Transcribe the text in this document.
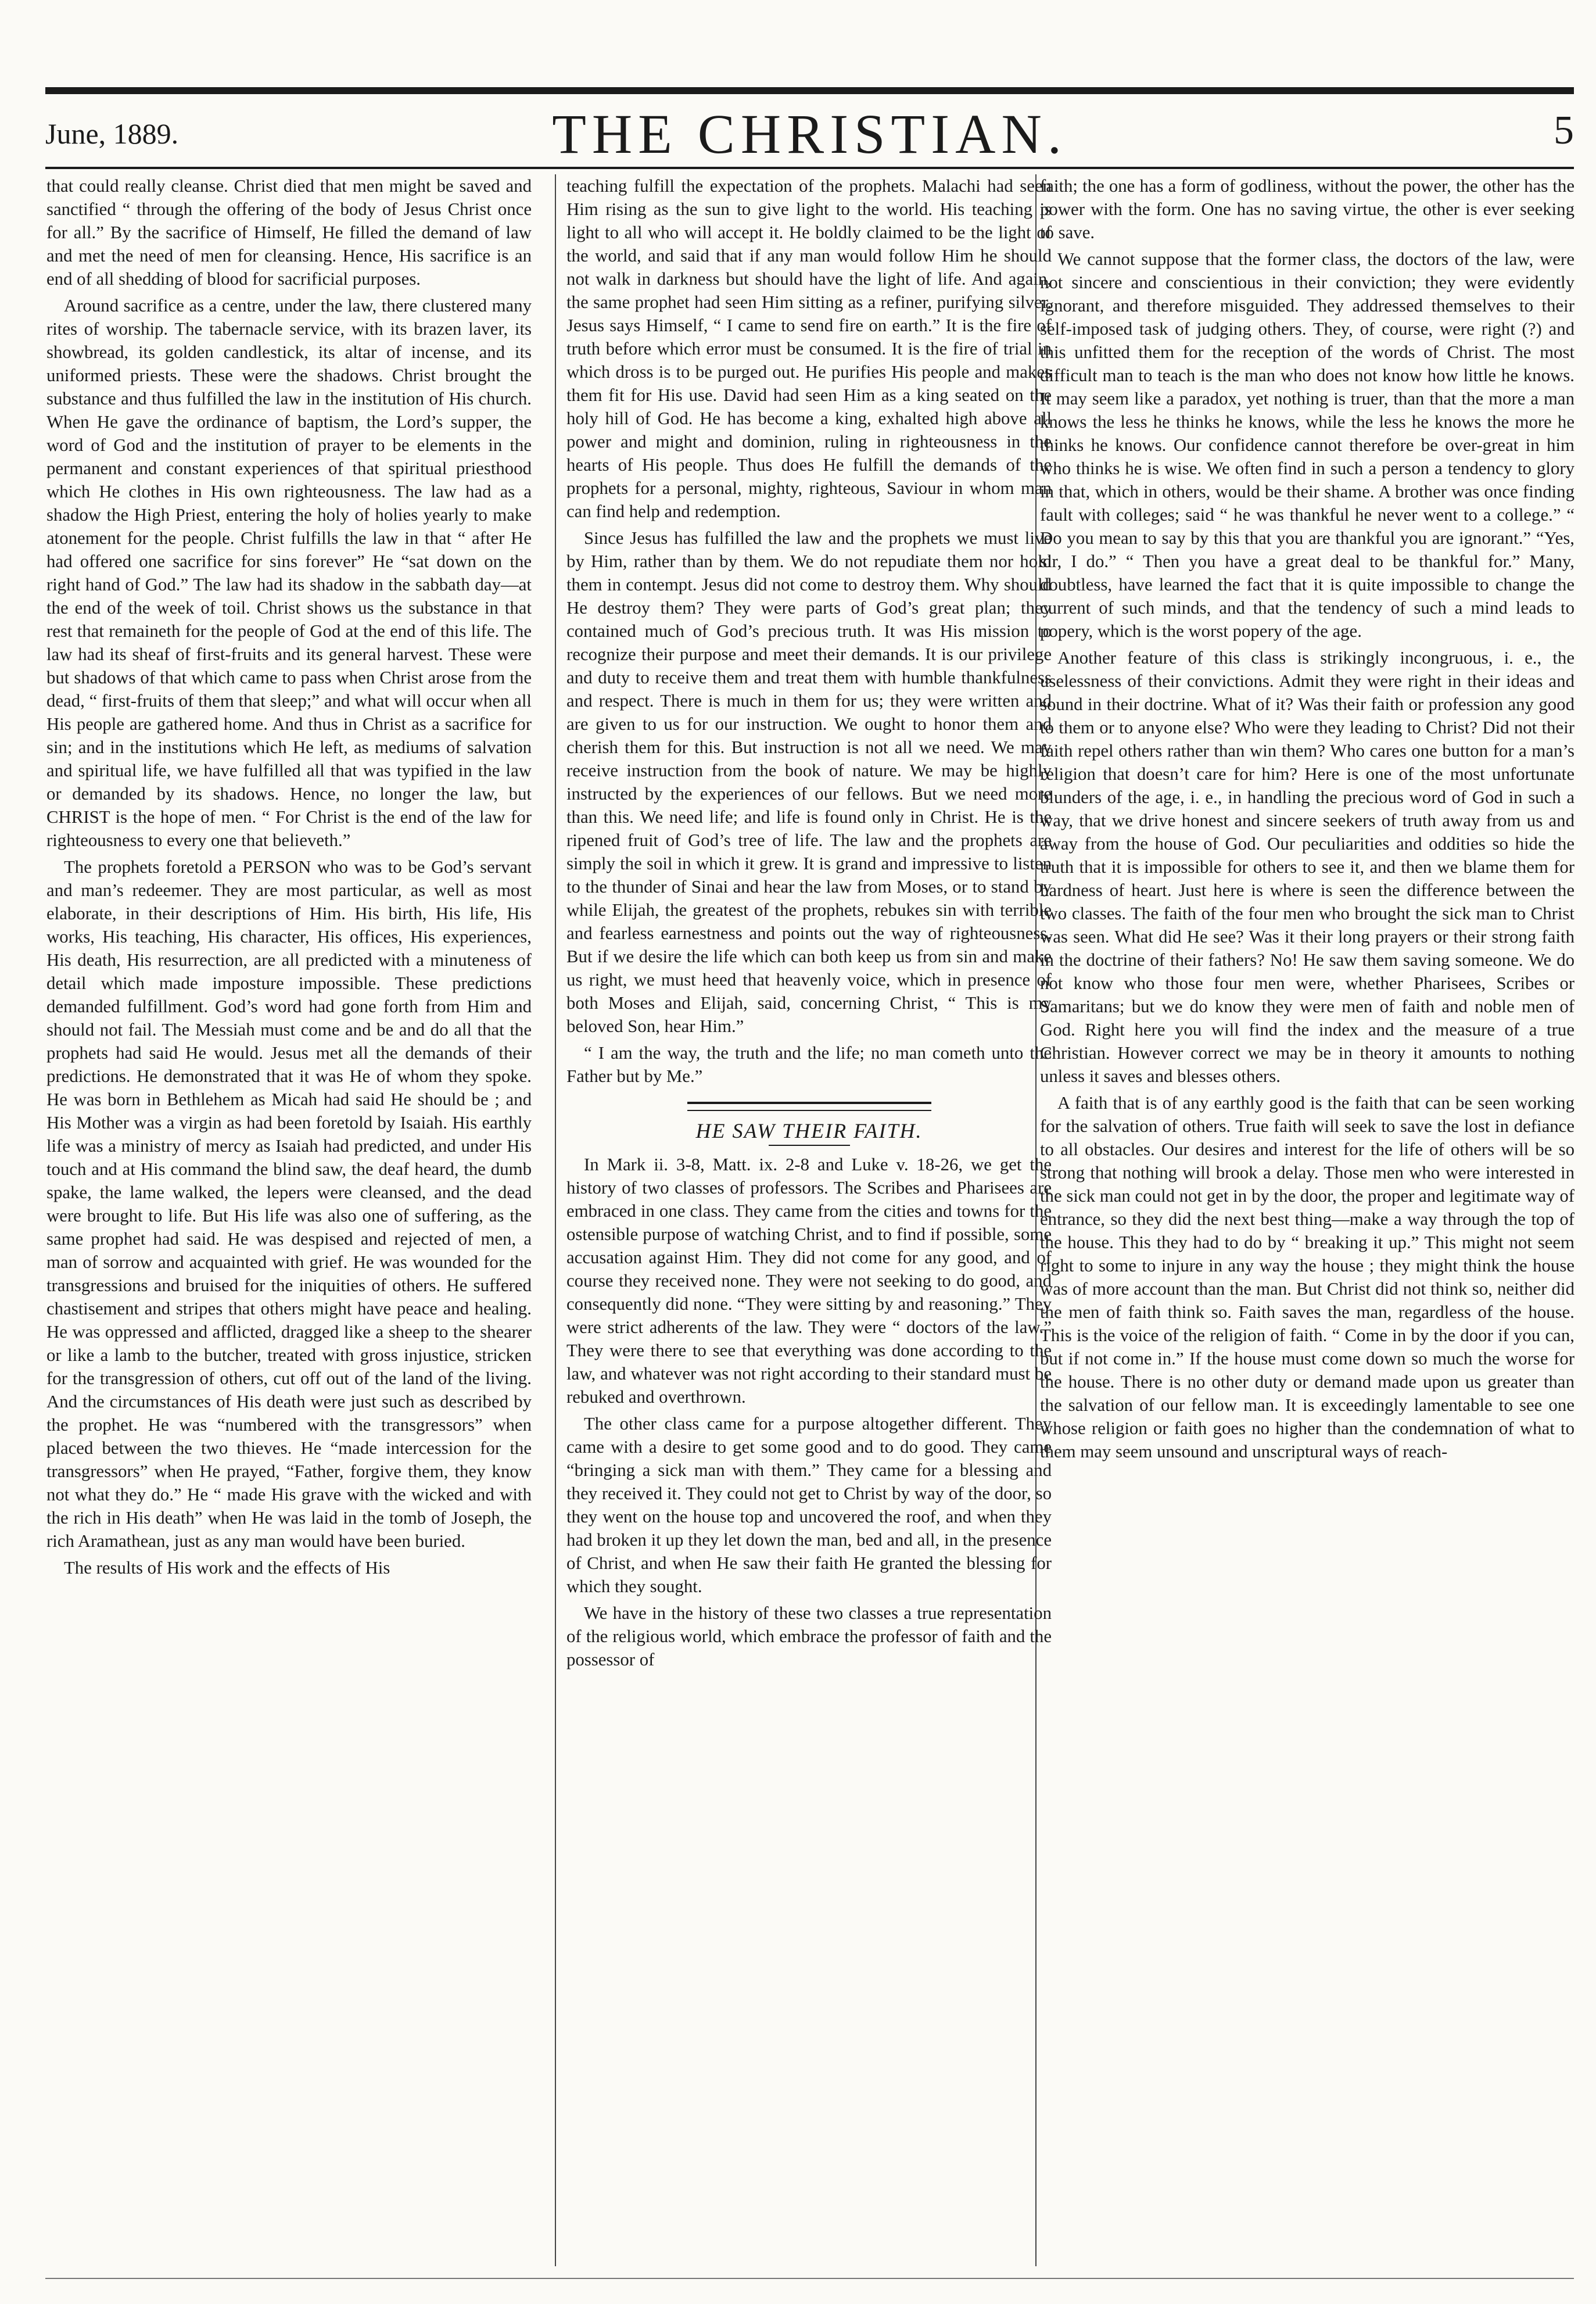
June, 1889.	THE CHRISTIAN.	5

that could really cleanse. Christ died that men might be saved and sanctified “ through the offering of the body of Jesus Christ once for all.” By the sacrifice of Himself, He filled the demand of law and met the need of men for cleansing. Hence, His sacrifice is an end of all shedding of blood for sacrificial purposes.

Around sacrifice as a centre, under the law, there clustered many rites of worship. The tabernacle service, with its brazen laver, its showbread, its golden candlestick, its altar of incense, and its uniformed priests. These were the shadows. Christ brought the substance and thus fulfilled the law in the institution of His church. When He gave the ordinance of baptism, the Lord’s supper, the word of God and the institution of prayer to be elements in the permanent and constant experiences of that spiritual priesthood which He clothes in His own righteousness. The law had as a shadow the High Priest, entering the holy of holies yearly to make atonement for the people. Christ fulfills the law in that “ after He had offered one sacrifice for sins forever” He “sat down on the right hand of God.” The law had its shadow in the sabbath day—at the end of the week of toil. Christ shows us the substance in that rest that remaineth for the people of God at the end of this life. The law had its sheaf of first-fruits and its general harvest. These were but shadows of that which came to pass when Christ arose from the dead, “ first-fruits of them that sleep;” and what will occur when all His people are gathered home. And thus in Christ as a sacrifice for sin; and in the institutions which He left, as mediums of salvation and spiritual life, we have fulfilled all that was typified in the law or demanded by its shadows. Hence, no longer the law, but CHRIST is the hope of men. “ For Christ is the end of the law for righteousness to every one that believeth.”

The prophets foretold a PERSON who was to be God’s servant and man’s redeemer. They are most particular, as well as most elaborate, in their descriptions of Him. His birth, His life, His works, His teaching, His character, His offices, His experiences, His death, His resurrection, are all predicted with a minuteness of detail which made imposture impossible. These predictions demanded fulfillment. God’s word had gone forth from Him and should not fail. The Messiah must come and be and do all that the prophets had said He would. Jesus met all the demands of their predictions. He demonstrated that it was He of whom they spoke. He was born in Bethlehem as Micah had said He should be ; and His Mother was a virgin as had been foretold by Isaiah. His earthly life was a ministry of mercy as Isaiah had predicted, and under His touch and at His command the blind saw, the deaf heard, the dumb spake, the lame walked, the lepers were cleansed, and the dead were brought to life. But His life was also one of suffering, as the same prophet had said. He was despised and rejected of men, a man of sorrow and acquainted with grief. He was wounded for the transgressions and bruised for the iniquities of others. He suffered chastisement and stripes that others might have peace and healing. He was oppressed and afflicted, dragged like a sheep to the shearer or like a lamb to the butcher, treated with gross injustice, stricken for the transgression of others, cut off out of the land of the living. And the circumstances of His death were just such as described by the prophet. He was “numbered with the transgressors” when placed between the two thieves. He “made intercession for the transgressors” when He prayed, “Father, forgive them, they know not what they do.” He “ made His grave with the wicked and with the rich in His death” when He was laid in the tomb of Joseph, the rich Aramathean, just as any man would have been buried.

The results of His work and the effects of His

teaching fulfill the expectation of the prophets. Malachi had seen Him rising as the sun to give light to the world. His teaching is light to all who will accept it. He boldly claimed to be the light of the world, and said that if any man would follow Him he should not walk in darkness but should have the light of life. And again, the same prophet had seen Him sitting as a refiner, purifying silver. Jesus says Himself, “ I came to send fire on earth.” It is the fire of truth before which error must be consumed. It is the fire of trial in which dross is to be purged out. He purifies His people and makes them fit for His use. David had seen Him as a king seated on the holy hill of God. He has become a king, exhalted high above all power and might and dominion, ruling in righteousness in the hearts of His people. Thus does He fulfill the demands of the prophets for a personal, mighty, righteous, Saviour in whom man can find help and redemption.

Since Jesus has fulfilled the law and the prophets we must live by Him, rather than by them. We do not repudiate them nor hold them in contempt. Jesus did not come to destroy them. Why should He destroy them? They were parts of God’s great plan; they contained much of God’s precious truth. It was His mission to recognize their purpose and meet their demands. It is our privilege and duty to receive them and treat them with humble thankfulness and respect. There is much in them for us; they were written and are given to us for our instruction. We ought to honor them and cherish them for this. But instruction is not all we need. We may receive instruction from the book of nature. We may be highly instructed by the experiences of our fellows. But we need more than this. We need life; and life is found only in Christ. He is the ripened fruit of God’s tree of life. The law and the prophets are simply the soil in which it grew. It is grand and impressive to listen to the thunder of Sinai and hear the law from Moses, or to stand by while Elijah, the greatest of the prophets, rebukes sin with terrible and fearless earnestness and points out the way of righteousness. But if we desire the life which can both keep us from sin and make us right, we must heed that heavenly voice, which in presence of both Moses and Elijah, said, concerning Christ, “ This is my beloved Son, hear Him.”

“ I am the way, the truth and the life; no man cometh unto the Father but by Me.”

HE SAW THEIR FAITH.

In Mark ii. 3-8, Matt. ix. 2-8 and Luke v. 18-26, we get the history of two classes of professors. The Scribes and Pharisees are embraced in one class. They came from the cities and towns for the ostensible purpose of watching Christ, and to find if possible, some accusation against Him. They did not come for any good, and of course they received none. They were not seeking to do good, and consequently did none. “They were sitting by and reasoning.” They were strict adherents of the law. They were “ doctors of the law.” They were there to see that everything was done according to the law, and whatever was not right according to their standard must be rebuked and overthrown.

The other class came for a purpose altogether different. They came with a desire to get some good and to do good. They came “bringing a sick man with them.” They came for a blessing and they received it. They could not get to Christ by way of the door, so they went on the house top and uncovered the roof, and when they had broken it up they let down the man, bed and all, in the presence of Christ, and when He saw their faith He granted the blessing for which they sought.

We have in the history of these two classes a true representation of the religious world, which embrace the professor of faith and the possessor of

faith; the one has a form of godliness, without the power, the other has the power with the form. One has no saving virtue, the other is ever seeking to save.

We cannot suppose that the former class, the doctors of the law, were not sincere and conscientious in their conviction; they were evidently ignorant, and therefore misguided. They addressed themselves to their self-imposed task of judging others. They, of course, were right (?) and this unfitted them for the reception of the words of Christ. The most difficult man to teach is the man who does not know how little he knows. It may seem like a paradox, yet nothing is truer, than that the more a man knows the less he thinks he knows, while the less he knows the more he thinks he knows. Our confidence cannot therefore be over-great in him who thinks he is wise. We often find in such a person a tendency to glory in that, which in others, would be their shame. A brother was once finding fault with colleges; said “ he was thankful he never went to a college.” “ Do you mean to say by this that you are thankful you are ignorant.” “Yes, sir, I do.” “ Then you have a great deal to be thankful for.” Many, doubtless, have learned the fact that it is quite impossible to change the current of such minds, and that the tendency of such a mind leads to popery, which is the worst popery of the age.

Another feature of this class is strikingly incongruous, i. e., the uselessness of their convictions. Admit they were right in their ideas and sound in their doctrine. What of it? Was their faith or profession any good to them or to anyone else? Who were they leading to Christ? Did not their faith repel others rather than win them? Who cares one button for a man’s religion that doesn’t care for him? Here is one of the most unfortunate blunders of the age, i. e., in handling the precious word of God in such a way, that we drive honest and sincere seekers of truth away from us and away from the house of God. Our peculiarities and oddities so hide the truth that it is impossible for others to see it, and then we blame them for hardness of heart. Just here is where is seen the difference between the two classes. The faith of the four men who brought the sick man to Christ was seen. What did He see? Was it their long prayers or their strong faith in the doctrine of their fathers? No! He saw them saving someone. We do not know who those four men were, whether Pharisees, Scribes or Samaritans; but we do know they were men of faith and noble men of God. Right here you will find the index and the measure of a true Christian. However correct we may be in theory it amounts to nothing unless it saves and blesses others.

A faith that is of any earthly good is the faith that can be seen working for the salvation of others. True faith will seek to save the lost in defiance to all obstacles. Our desires and interest for the life of others will be so strong that nothing will brook a delay. Those men who were interested in the sick man could not get in by the door, the proper and legitimate way of entrance, so they did the next best thing—make a way through the top of the house. This they had to do by “ breaking it up.” This might not seem right to some to injure in any way the house ; they might think the house was of more account than the man. But Christ did not think so, neither did the men of faith think so. Faith saves the man, regardless of the house. This is the voice of the religion of faith. “ Come in by the door if you can, but if not come in.” If the house must come down so much the worse for the house. There is no other duty or demand made upon us greater than the salvation of our fellow man. It is exceedingly lamentable to see one whose religion or faith goes no higher than the condemnation of what to them may seem unsound and unscriptural ways of reach-
